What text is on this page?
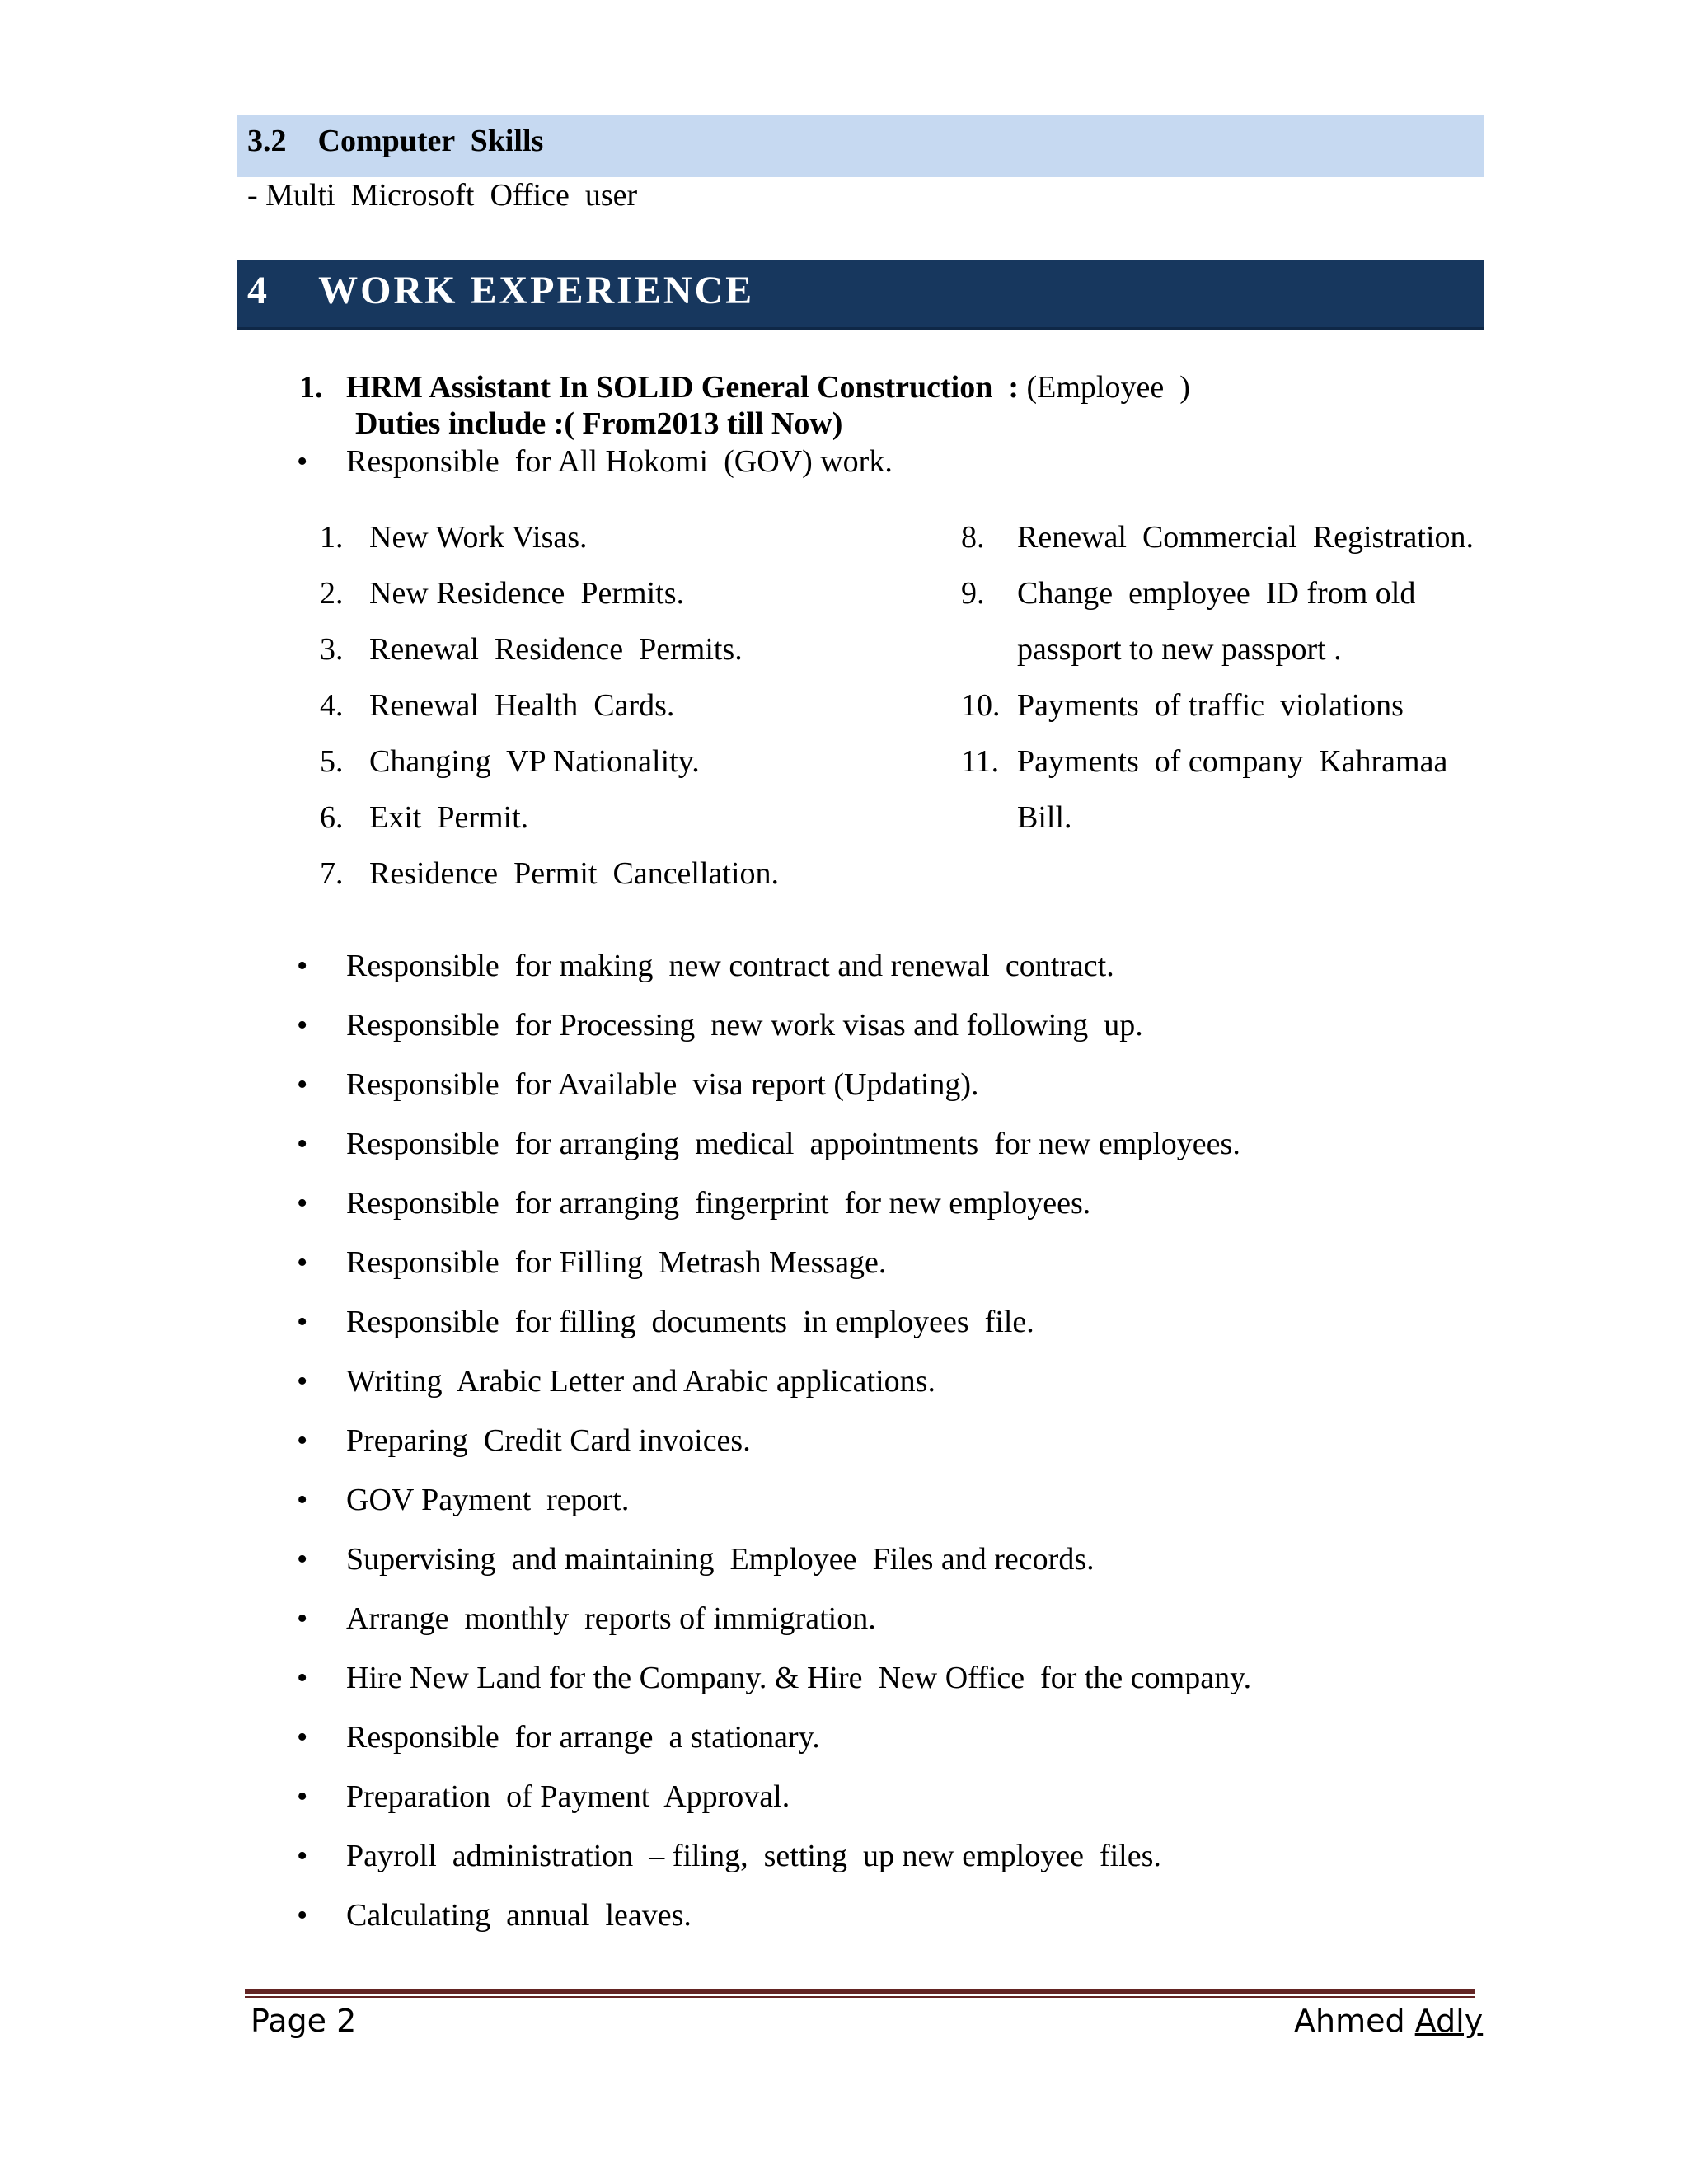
3.2    Computer  Skills
- Multi  Microsoft  Office  user
4    WORK EXPERIENCE
1.   HRM Assistant In SOLID General Construction  : (Employee  )
Duties include :( From2013 till Now)
• Responsible  for All Hokomi  (GOV) work.
1. New Work Visas.
2. New Residence  Permits.
3. Renewal  Residence  Permits.
4. Renewal  Health  Cards.
5. Changing  VP Nationality.
6. Exit  Permit.
7. Residence  Permit  Cancellation.
8. Renewal  Commercial  Registration.
9. Change  employee  ID from old
passport to new passport .
10. Payments  of traffic  violations
11. Payments  of company  Kahramaa
Bill.
• Responsible  for making  new contract and renewal  contract.
• Responsible  for Processing  new work visas and following  up.
• Responsible  for Available  visa report (Updating).
• Responsible  for arranging  medical  appointments  for new employees.
• Responsible  for arranging  fingerprint  for new employees.
• Responsible  for Filling  Metrash Message.
• Responsible  for filling  documents  in employees  file.
• Writing  Arabic Letter and Arabic applications.
• Preparing  Credit Card invoices.
• GOV Payment  report.
• Supervising  and maintaining  Employee  Files and records.
• Arrange  monthly  reports of immigration.
• Hire New Land for the Company. & Hire  New Office  for the company.
• Responsible  for arrange  a stationary.
• Preparation  of Payment  Approval.
• Payroll  administration  – filing,  setting  up new employee  files.
• Calculating  annual  leaves.
Page 2	Ahmed Adly
